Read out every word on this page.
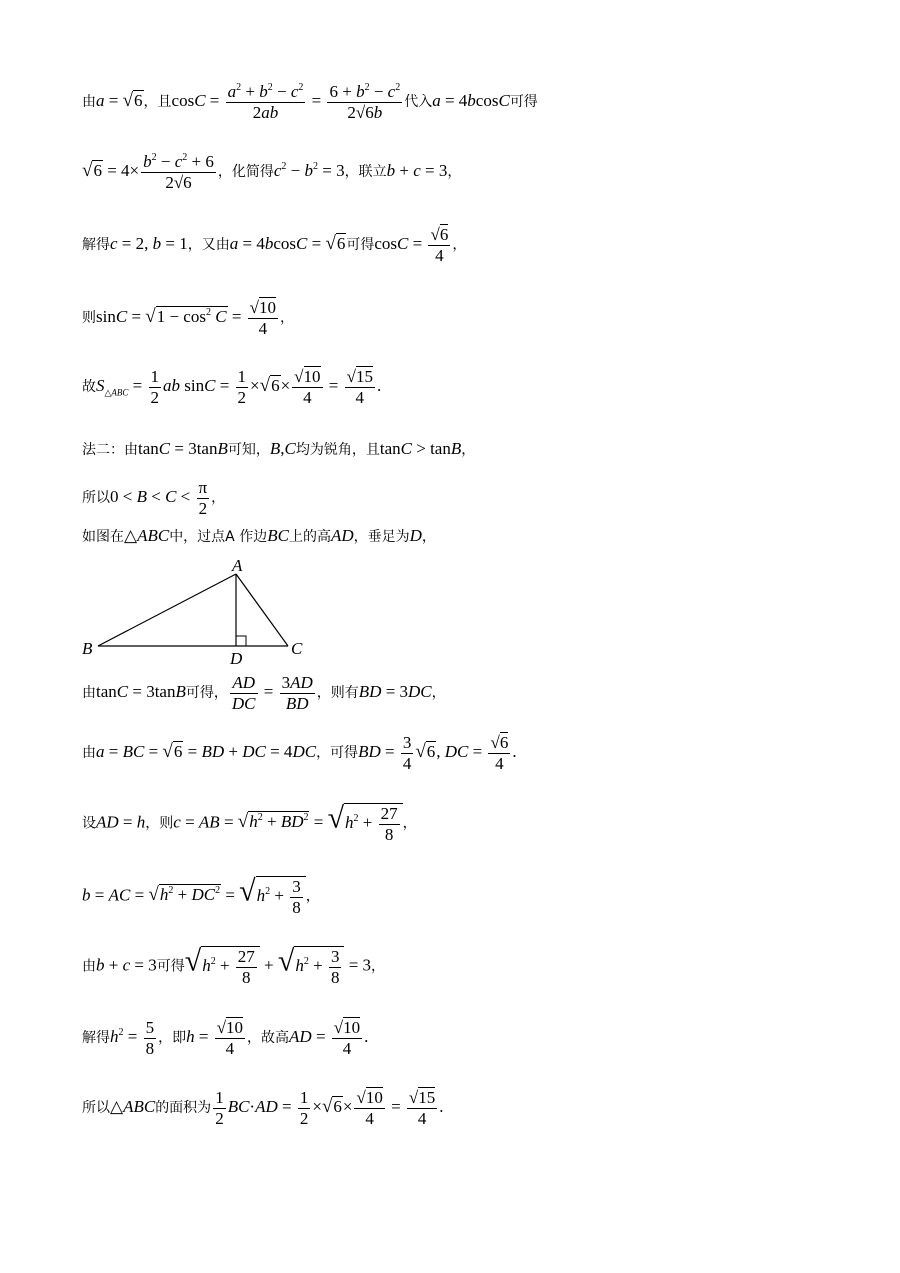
由a = √6，且$\cos C = \frac{a^2 + b^2 - c^2}{2ab} = \frac{6 + b^2 - c^2}{2√6b}$ 代入a = 4bcosC可得
$√6 = 4\times \frac{b^2 - c^2 + 6}{2√6}$ ，化简得$c^2 - b^2 = 3$，联立b + c = 3，
解得c = 2, b = 1，又由a = 4bcosC = √6可得$\cos C = \frac{√6}{4}$ ，
则$\sin C = √1 - \cos^2 C = \frac{√10}{4}$ ，
故$S_{\triangle ABC} = \frac{1}{2}$ ab $\sin C = \frac{1}{2} \times√6\times \frac{√10}{4} = \frac{√15}{4}$ .
法二：由tanC = 3tanB可知，B,C均为锐角，且tanC > tanB，
所以$0 < B < C < \frac{\pi}{2}$ ，
如图在△ABC中，过点A 作边BC上的高AD，垂足为D，
A
B	C
D
由tanC = 3tanB可得， $\frac{AD}{DC} = \frac{3AD}{BD}$ ，则有BD = 3DC，
由a = BC = √6 = BD + DC = 4DC，可得BD = $\frac{3}{4} √6$, DC = $\frac{√6}{4}$ .
设AD = h，则c = AB = $√h^2 + BD^2 = √h^2 + \frac{27}{8}$ ，
b = AC = $√h^2 + DC^2 = √h^2 + \frac{3}{8}$ ，
由b + c = 3可得$√h^2 + \frac{27}{8} + √h^2 + \frac{3}{8} = 3$，
解得$h^2 = \frac{5}{8}$ ，即$h = \frac{√10}{4}$ ，故高AD = $\frac{√10}{4}$ .
所以△ABC的面积为 $\frac{1}{2} BC\cdot AD = \frac{1}{2} \times√6\times \frac{√10}{4} = \frac{√15}{4}$ .
